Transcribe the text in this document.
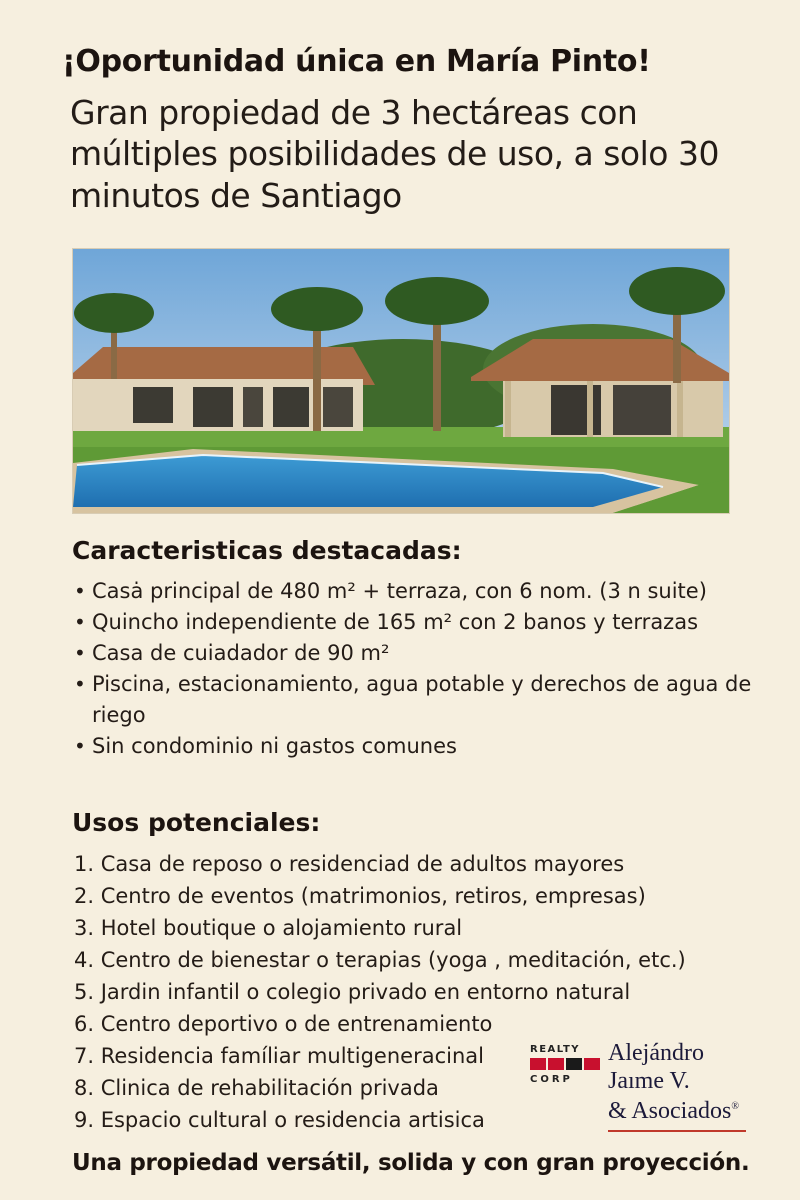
¡Oportunidad única en María Pinto!
Gran propiedad de 3 hectáreas con múltiples posibilidades de uso, a solo 30 minutos de Santiago
Caracteristicas destacadas:
• Casȧ principal de 480 m² + terraza, con 6 nom. (3 n suite)
• Quincho independiente de 165 m² con 2 banos y terrazas
• Casa de cuiadador de 90 m²
• Piscina, estacionamiento, agua potable y derechos de agua de riego
• Sin condominio ni gastos comunes
Usos potenciales:
1. Casa de reposo o residenciad de adultos mayores
2. Centro de eventos (matrimonios, retiros, empresas)
3. Hotel boutique o alojamiento rural
4. Centro de bienestar o terapias (yoga , meditación, etc.)
5. Jardin infantil o colegio privado en entorno natural
6. Centro deportivo o de entrenamiento
7. Residencia famíliar multigeneracinal
8. Clinica de rehabilitación privada
9. Espacio cultural o residencia artisica
REALTY
CORP
Alejándro
Jaıme V.
& Asociados®
Una propiedad versátil, solida y con gran proyección.
